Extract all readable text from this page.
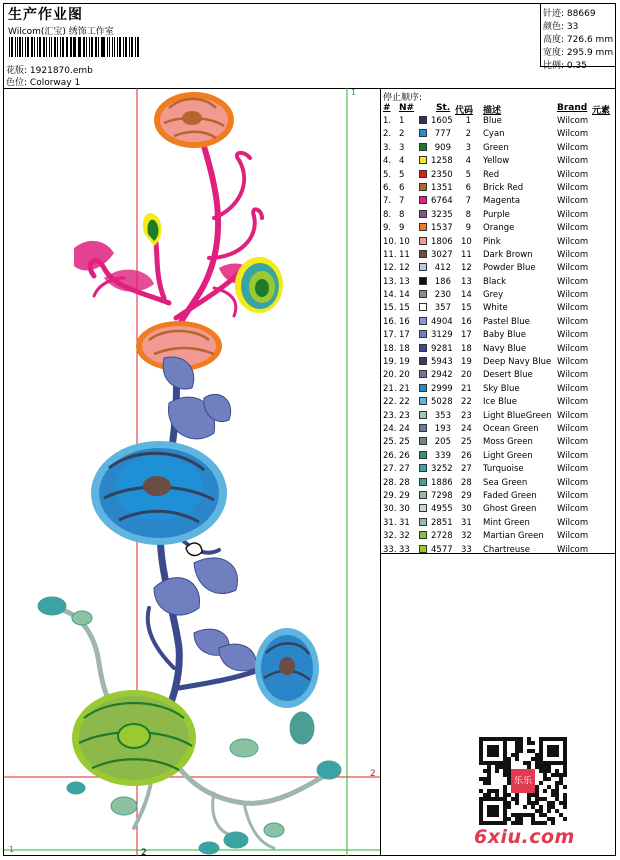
生产作业图
Wilcom(汇宝) 绣饰工作室
花版: 1921870.emb
色位: Colorway 1
针迹: 88669
颜色: 33
高度: 726.6 mm
宽度: 295.9 mm
比例: 0.35
停止顺序:
# N# St. 代码 描述	Brand 元素
1. 1	1605	1 Blue	Wilcom
2. 2	777	2 Cyan	Wilcom
3. 3	909	3 Green	Wilcom
4. 4	1258	4 Yellow	Wilcom
5. 5	2350	5 Red	Wilcom
6. 6	1351	6 Brick Red	Wilcom
7. 7	6764	7 Magenta	Wilcom
8. 8	3235	8 Purple	Wilcom
9. 9	1537	9 Orange	Wilcom
10. 10 1806 10 Pink	Wilcom
11. 11 3027 11 Dark Brown	Wilcom
12. 12	412 12 Powder Blue	Wilcom
13. 13	186 13 Black	Wilcom
14. 14	230 14 Grey	Wilcom
15. 15	357 15 White	Wilcom
16. 16 4904 16 Pastel Blue	Wilcom
17. 17 3129 17 Baby Blue	Wilcom
18. 18 9281 18 Navy Blue	Wilcom
19. 19 5943 19 Deep Navy Blue Wilcom
20. 20 2942 20 Desert Blue	Wilcom
21. 21 2999 21 Sky Blue	Wilcom
22. 22 5028 22 Ice Blue	Wilcom
23. 23	353 23 Light BlueGreen Wilcom
24. 24	193 24 Ocean Green Wilcom
25. 25	205 25 Moss Green	Wilcom
26. 26	339 26 Light Green	Wilcom
27. 27 3252 27 Turquoise	Wilcom
28. 28 1886 28 Sea Green	Wilcom
29. 29 7298 29 Faded Green Wilcom
30. 30 4955 30 Ghost Green Wilcom
31. 31 2851 31 Mint Green	Wilcom
32. 32 2728 32 Martian Green Wilcom
33. 33 4577 33 Chartreuse	Wilcom
1
2
2
1
乐乐
6xiu.com
